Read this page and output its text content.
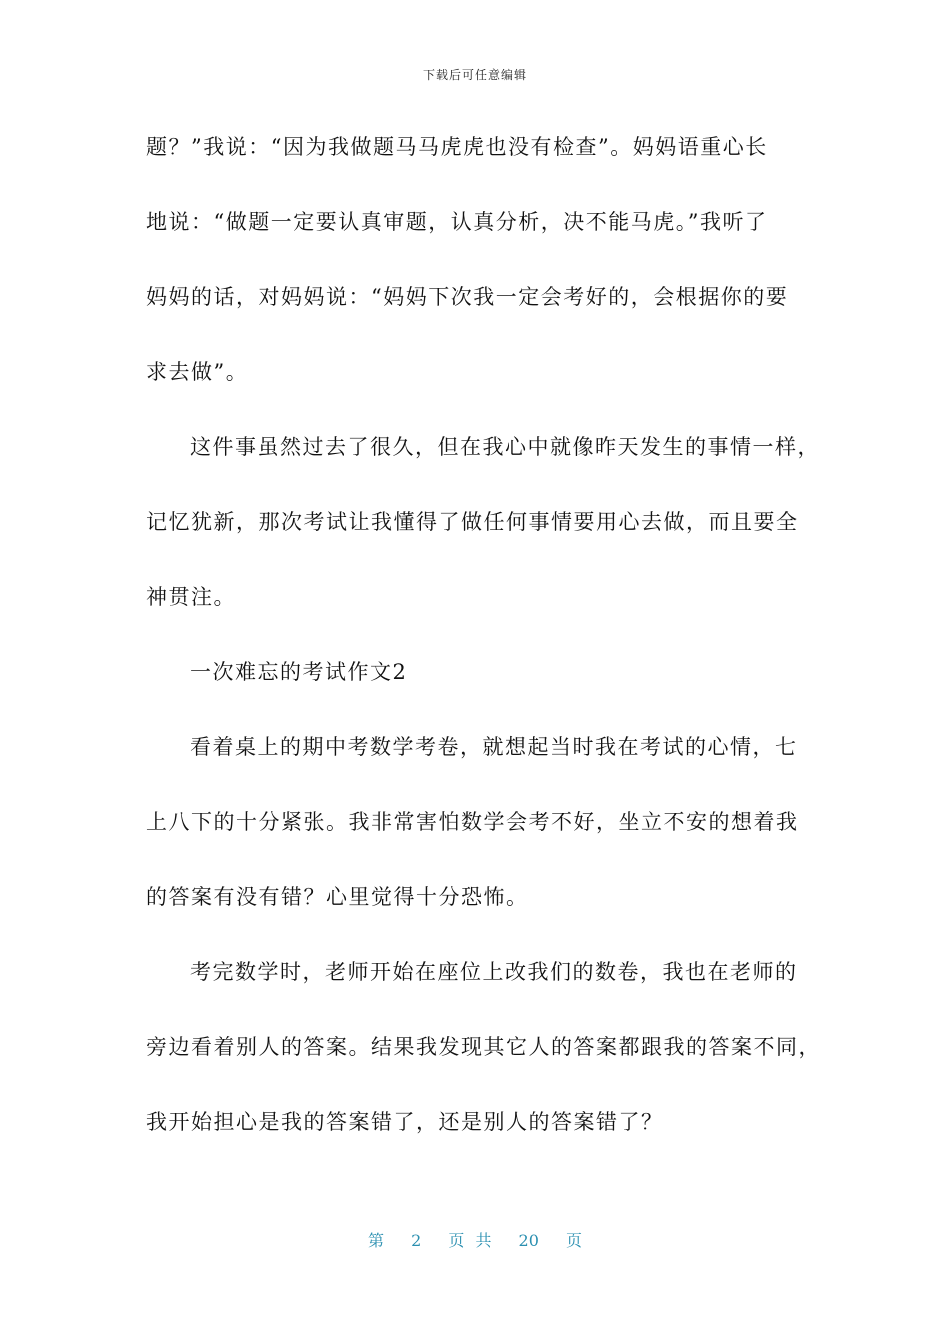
下载后可任意编辑
题？”我说：“因为我做题马马虎虎也没有检查”。妈妈语重心长
地说：“做题一定要认真审题，认真分析，决不能马虎。”我听了
妈妈的话，对妈妈说：“妈妈下次我一定会考好的，会根据你的要
求去做”。
这件事虽然过去了很久，但在我心中就像昨天发生的事情一样，
记忆犹新，那次考试让我懂得了做任何事情要用心去做，而且要全
神贯注。
一次难忘的考试作文2
看着桌上的期中考数学考卷，就想起当时我在考试的心情，七
上八下的十分紧张。我非常害怕数学会考不好，坐立不安的想着我
的答案有没有错？心里觉得十分恐怖。
考完数学时，老师开始在座位上改我们的数卷，我也在老师的
旁边看着别人的答案。结果我发现其它人的答案都跟我的答案不同，
我开始担心是我的答案错了，还是别人的答案错了？
第 2 页 共 20 页
